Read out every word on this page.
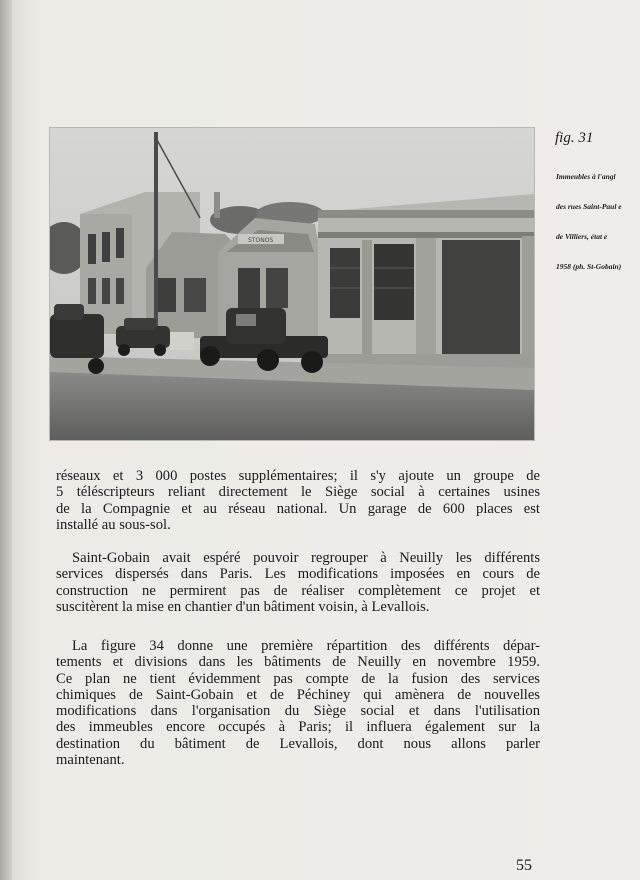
STONOS
fig. 31

Immeubles à l'angl

des rues Saint-Paul e

de Villiers, état e

1958 (ph. St-Gobain)

réseaux et 3 000 postes supplémentaires; il s'y ajoute un groupe de
5 téléscripteurs reliant directement le Siège social à certaines usines
de la Compagnie et au réseau national. Un garage de 600 places est
installé au sous-sol.

Saint-Gobain avait espéré pouvoir regrouper à Neuilly les différents
services dispersés dans Paris. Les modifications imposées en cours de
construction ne permirent pas de réaliser complètement ce projet et
suscitèrent la mise en chantier d'un bâtiment voisin, à Levallois.

La figure 34 donne une première répartition des différents dépar-
tements et divisions dans les bâtiments de Neuilly en novembre 1959.
Ce plan ne tient évidemment pas compte de la fusion des services
chimiques de Saint-Gobain et de Péchiney qui amènera de nouvelles
modifications dans l'organisation du Siège social et dans l'utilisation
des immeubles encore occupés à Paris; il influera également sur la
destination du bâtiment de Levallois, dont nous allons parler
maintenant.

55
